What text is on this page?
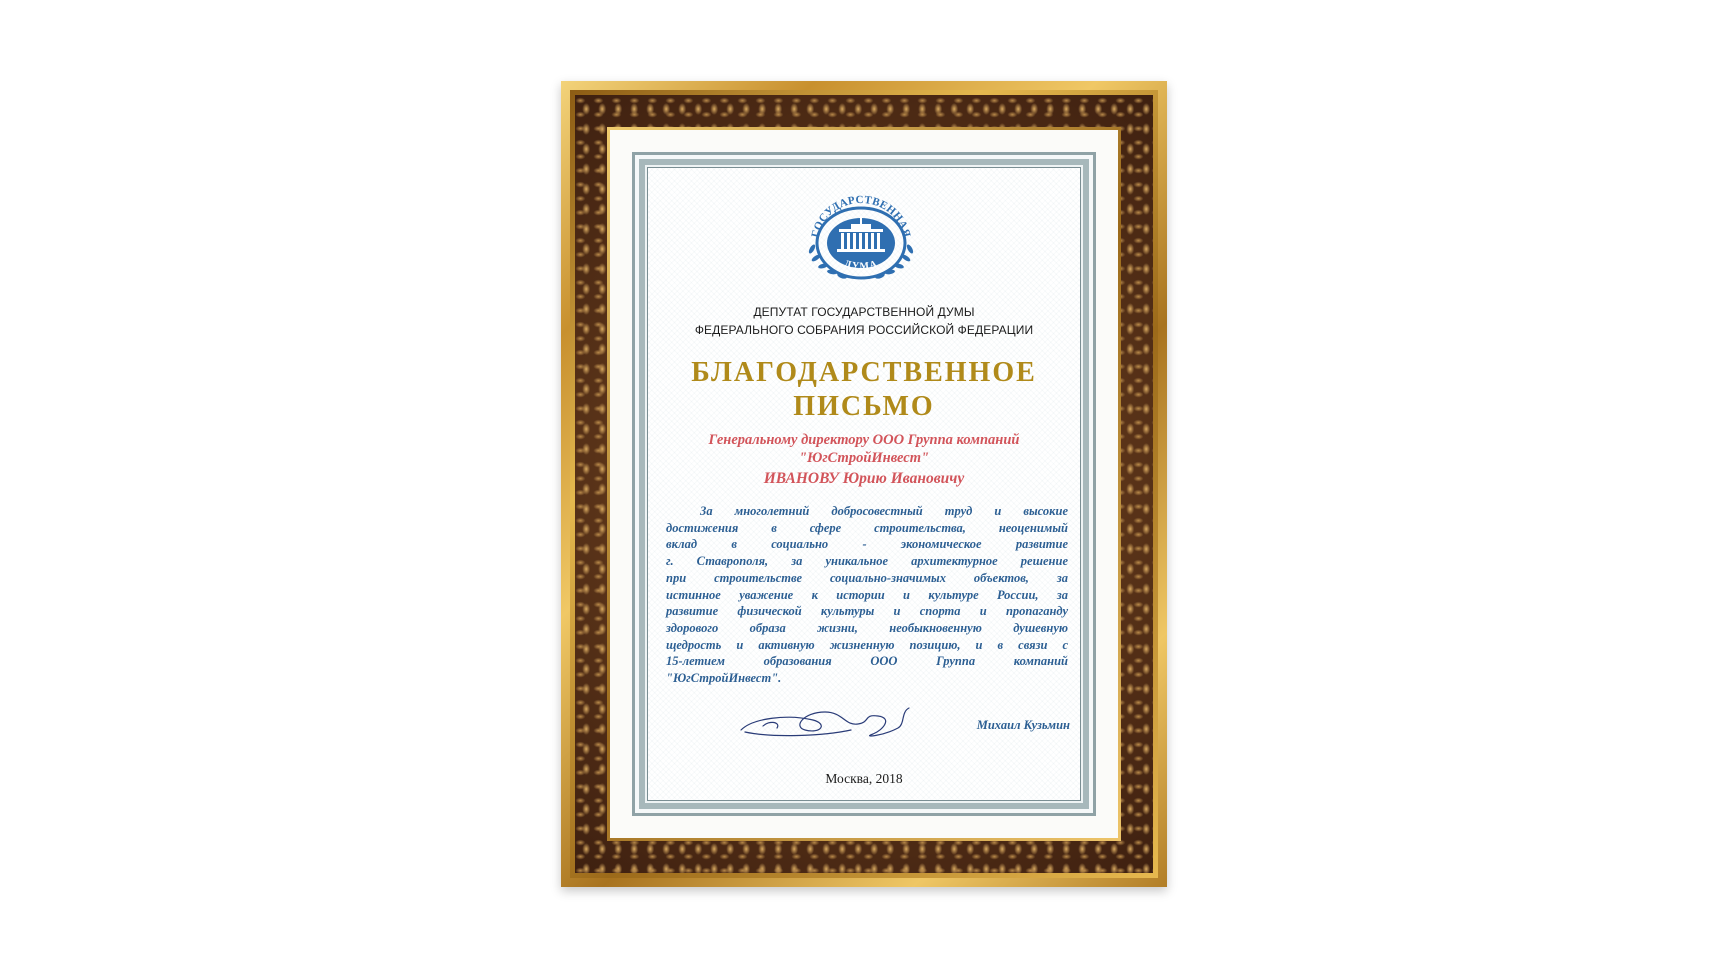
ГОСУДАРСТВЕННАЯ
ДУМА
ДЕПУТАТ ГОСУДАРСТВЕННОЙ ДУМЫ
ФЕДЕРАЛЬНОГО СОБРАНИЯ РОССИЙСКОЙ ФЕДЕРАЦИИ
БЛАГОДАРСТВЕННОЕ
ПИСЬМО
Генеральному директору ООО Группа компаний
"ЮгСтройИнвест"
ИВАНОВУ Юрию Ивановичу
За многолетний добросовестный труд и высокие
достижения в сфере строительства, неоценимый
вклад в социально - экономическое развитие
г. Ставрополя, за уникальное архитектурное решение
при строительстве социально-значимых объектов, за
истинное уважение к истории и культуре России, за
развитие физической культуры и спорта и пропаганду
здорового образа жизни, необыкновенную душевную
щедрость и активную жизненную позицию, и в связи с
15-летием образования ООО Группа компаний
"ЮгСтройИнвест".
Михаил Кузьмин
Москва, 2018
